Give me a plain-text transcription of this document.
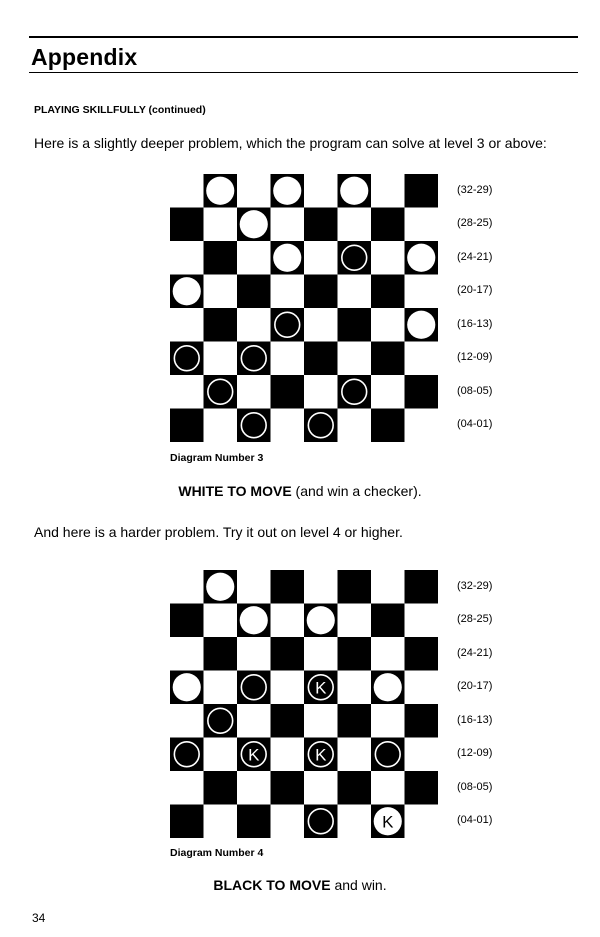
Appendix
PLAYING SKILLFULLY (continued)
Here is a slightly deeper problem, which the program can solve at level 3 or above:
(32-29)
(28-25)
(24-21)
(20-17)
(16-13)
(12-09)
(08-05)
(04-01)
Diagram Number 3
WHITE TO MOVE (and win a checker).
And here is a harder problem. Try it out on level 4 or higher.
K
K	K
K
(32-29)
(28-25)
(24-21)
(20-17)
(16-13)
(12-09)
(08-05)
(04-01)
Diagram Number 4
BLACK TO MOVE and win.
34
